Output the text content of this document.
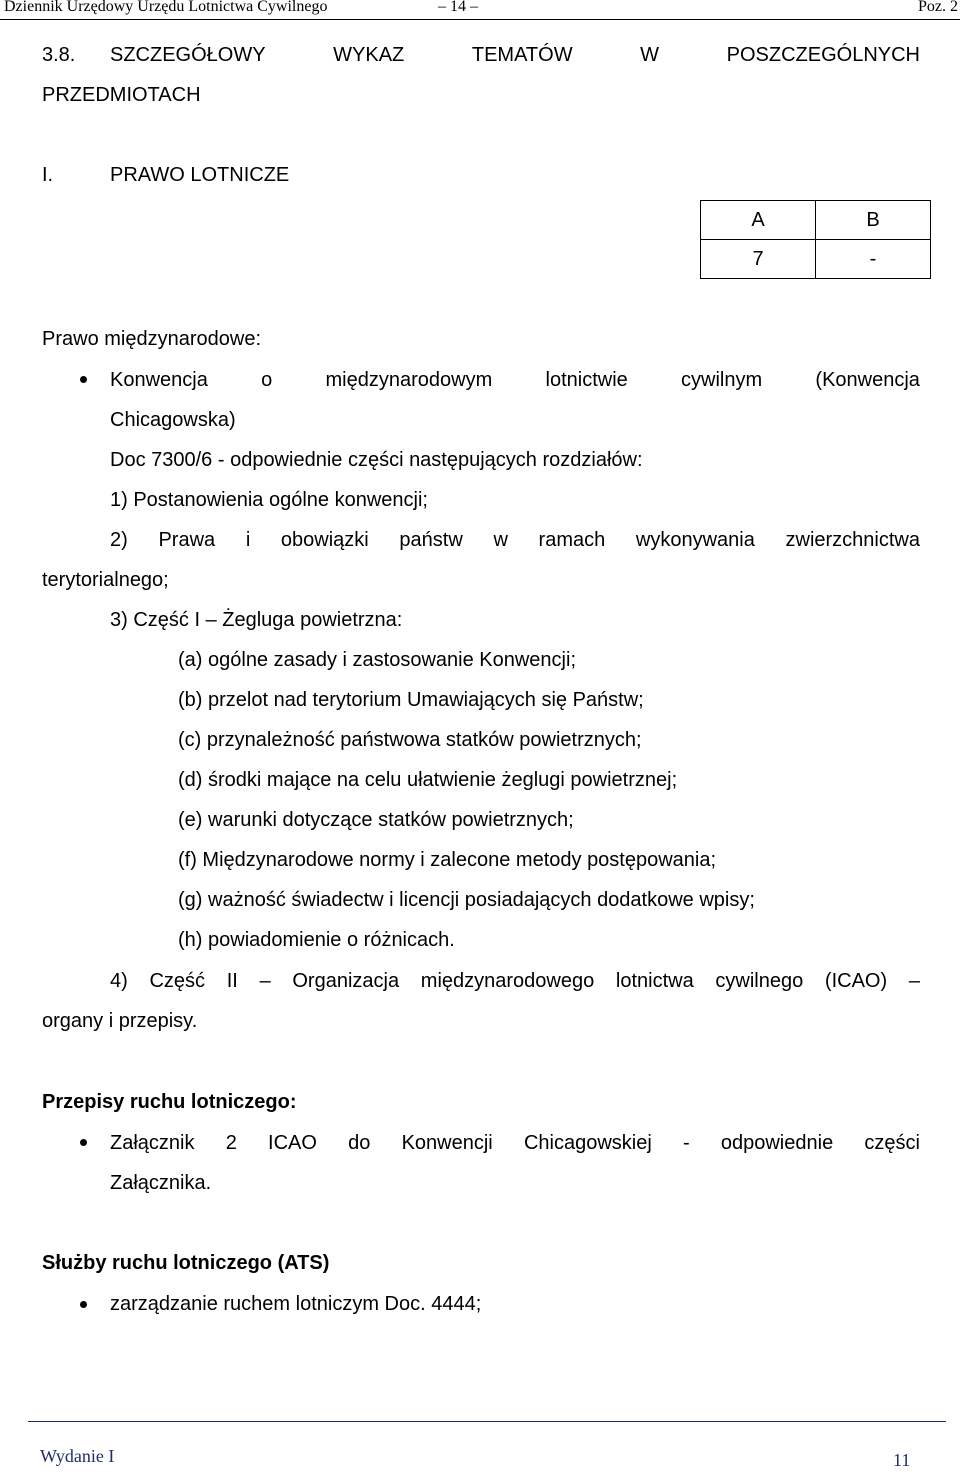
Dziennik Urzędowy Urzędu Lotnictwa Cywilnego	– 14 –	Poz. 2
3.8. SZCZEGÓŁOWY	WYKAZ	TEMATÓW	W	POSZCZEGÓLNYCH
PRZEDMIOTACH
I.	PRAWO LOTNICZE
A	B
7	-
Prawo międzynarodowe:
Konwencja	o	międzynarodowym	lotnictwie	cywilnym	(Konwencja
Chicagowska)
Doc 7300/6 - odpowiednie części następujących rozdziałów:
1) Postanowienia ogólne konwencji;
2) Prawa i obowiązki państw w ramach wykonywania zwierzchnictwa
terytorialnego;
3) Część I – Żegluga powietrzna:
(a) ogólne zasady i zastosowanie Konwencji;
(b) przelot nad terytorium Umawiających się Państw;
(c) przynależność państwowa statków powietrznych;
(d) środki mające na celu ułatwienie żeglugi powietrznej;
(e) warunki dotyczące statków powietrznych;
(f) Międzynarodowe normy i zalecone metody postępowania;
(g) ważność świadectw i licencji posiadających dodatkowe wpisy;
(h) powiadomienie o różnicach.
4) Część II – Organizacja międzynarodowego lotnictwa cywilnego (ICAO) –
organy i przepisy.
Przepisy ruchu lotniczego:
Załącznik 2 ICAO do Konwencji Chicagowskiej - odpowiednie części
Załącznika.
Służby ruchu lotniczego (ATS)
zarządzanie ruchem lotniczym Doc. 4444;
Wydanie I	11
